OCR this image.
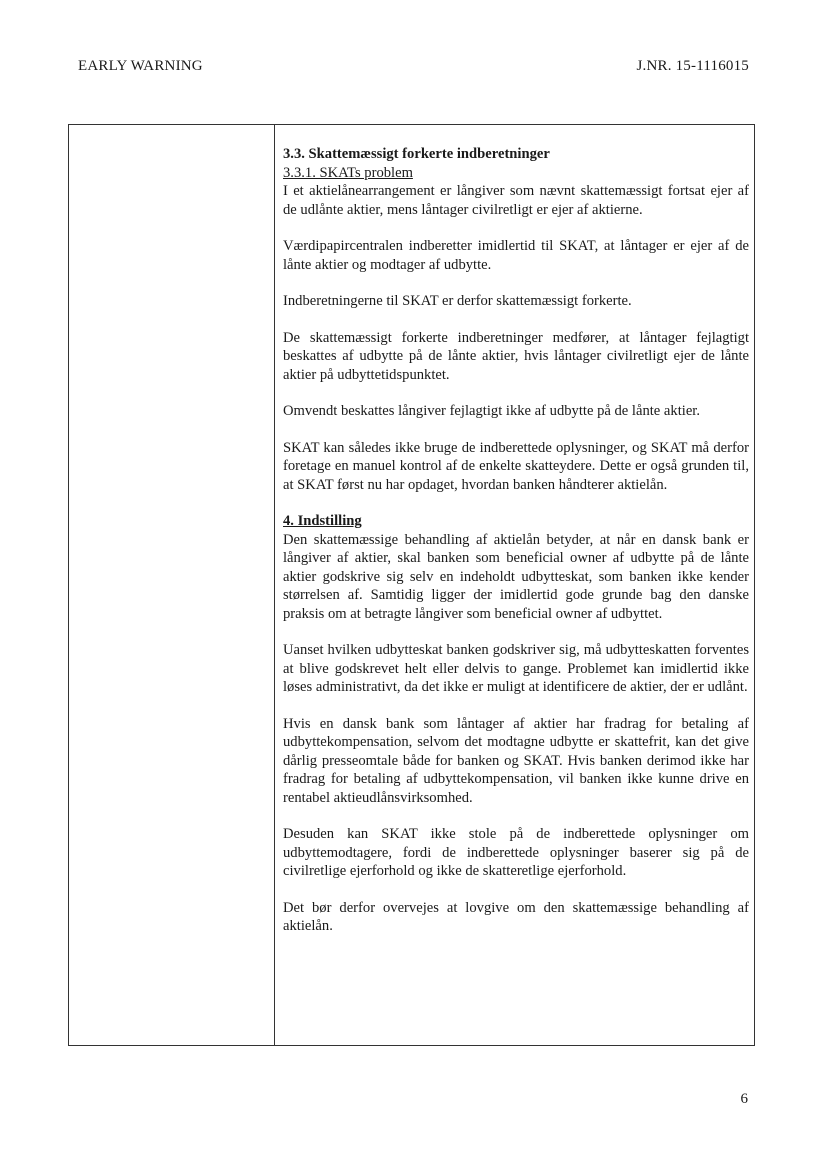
EARLY WARNING	J.NR. 15-1116015
3.3. Skattemæssigt forkerte indberetninger
3.3.1. SKATs problem

I et aktielånearrangement er långiver som nævnt skattemæssigt fortsat ejer af de udlånte aktier, mens låntager civilretligt er ejer af aktierne.

Værdipapircentralen indberetter imidlertid til SKAT, at låntager er ejer af de lånte aktier og modtager af udbytte.

Indberetningerne til SKAT er derfor skattemæssigt forkerte.

De skattemæssigt forkerte indberetninger medfører, at låntager fejlagtigt beskattes af udbytte på de lånte aktier, hvis låntager civilretligt ejer de lånte aktier på udbyttetidspunktet.

Omvendt beskattes långiver fejlagtigt ikke af udbytte på de lånte aktier.

SKAT kan således ikke bruge de indberettede oplysninger, og SKAT må derfor foretage en manuel kontrol af de enkelte skatteydere. Dette er også grunden til, at SKAT først nu har opdaget, hvordan banken håndterer aktielån.

4. Indstilling

Den skattemæssige behandling af aktielån betyder, at når en dansk bank er långiver af aktier, skal banken som beneficial owner af udbytte på de lånte aktier godskrive sig selv en indeholdt udbytteskat, som banken ikke kender størrelsen af. Samtidig ligger der imidlertid gode grunde bag den danske praksis om at betragte långiver som beneficial owner af udbyttet.

Uanset hvilken udbytteskat banken godskriver sig, må udbytteskatten forventes at blive godskrevet helt eller delvis to gange. Problemet kan imidlertid ikke løses administrativt, da det ikke er muligt at identificere de aktier, der er udlånt.

Hvis en dansk bank som låntager af aktier har fradrag for betaling af udbyttekompensation, selvom det modtagne udbytte er skattefrit, kan det give dårlig presseomtale både for banken og SKAT. Hvis banken derimod ikke har fradrag for betaling af udbyttekompensation, vil banken ikke kunne drive en rentabel aktieudlånsvirksomhed.

Desuden kan SKAT ikke stole på de indberettede oplysninger om udbyttemodtagere, fordi de indberettede oplysninger baserer sig på de civilretlige ejerforhold og ikke de skatteretlige ejerforhold.

Det bør derfor overvejes at lovgive om den skattemæssige behandling af aktielån.

6
